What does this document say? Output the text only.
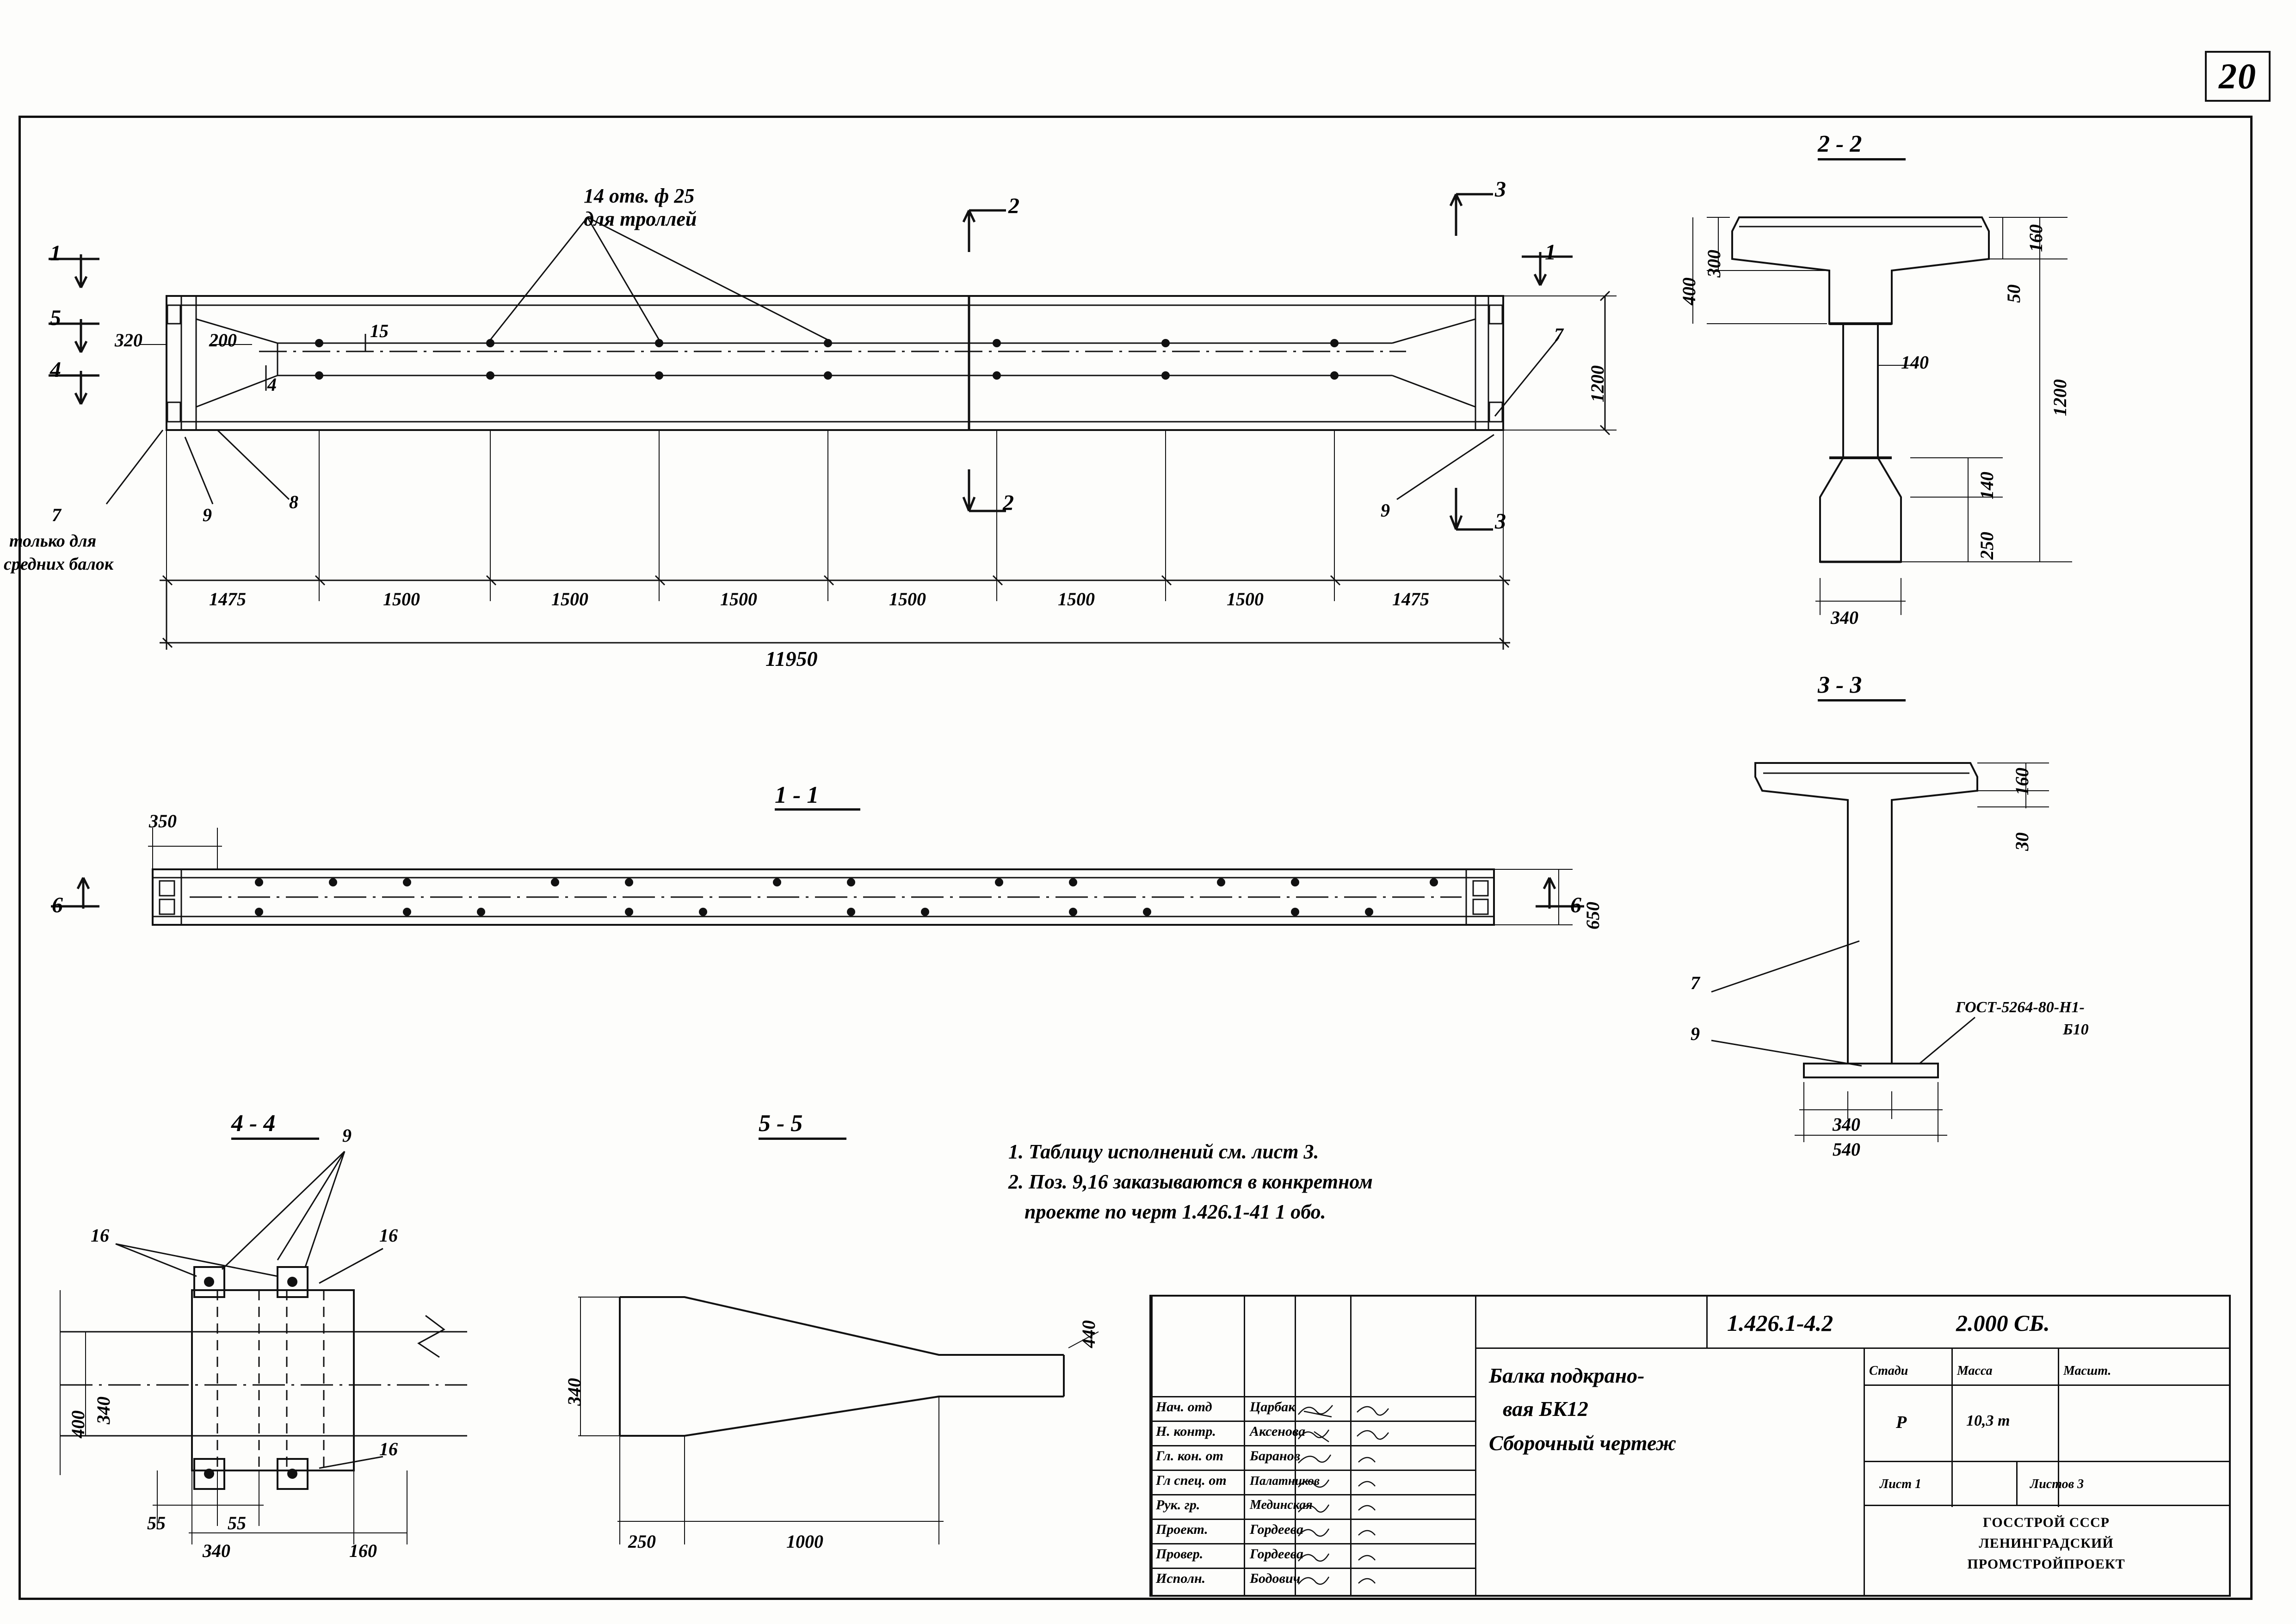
20
14 отв. ф 25
для троллей
15
4
320	200
1200
7
7
9
8	9
только для
средних балок
1
5
4
2
2
3
3
1
1475	1500	1500	1500	1500	1500	1500	1475
11950
1 - 1
350
650
6	6
2 - 2
300
400
160
50
140
140
250
1200
340
3 - 3
160
30
340
540
7
9
ГОСТ-5264-80-Н1-
Б10
4 - 4	9
16	16
16
340
400
55	55
340	160
5 - 5
340
440
250	1000
1. Таблицу исполнений см. лист 3.
2. Поз. 9,16 заказываются в конкретном
проекте по черт 1.426.1-41 1 обо.
1.426.1-4.2	2.000 СБ.
Балка подкрано-
вая БК12
Сборочный чертеж
Стади	Масса	Масшт.
Р	10,3 т
Лист 1	Листов 3
ГОССТРОЙ СССР
ЛЕНИНГРАДСКИЙ
ПРОМСТРОЙПРОЕКТ
Нач. отд	Царбак
Н. контр. Аксенова
Гл. кон. от Баранов
Гл спец. от Палатников
Рук. гр.	Мединская
Проект.	Гордеева
Провер.	Гордеева
Исполн.	Бодович
